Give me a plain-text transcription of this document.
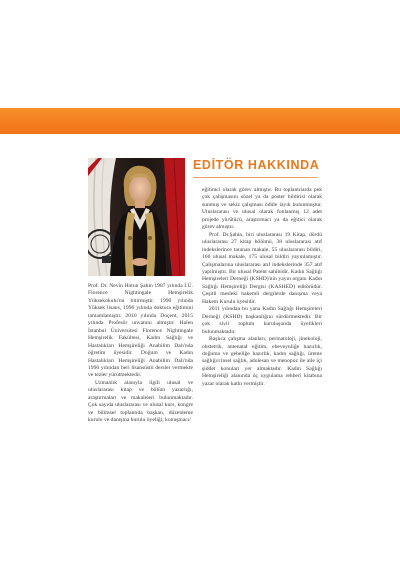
EDİTÖR HAKKINDA

Prof. Dr. Nevin Hotun Şahin 1987 yılında İ.Ü. Florence Nightingale Hemşirelik Yüksekokulu'nu bitirmiştir. 1990 yılında Yüksek lisans, 1996 yılında doktora eğitimini tamamlamıştır. 2010 yılında Doçent, 2015 yılında Profesör unvanını almıştır. Halen İstanbul Üniversitesi Florence Nightingale Hemşirelik Fakültesi, Kadın Sağlığı ve Hastalıkları Hemşireliği Anabilim Dalı'nda öğretim üyesidir. Doğum ve Kadın Hastalıkları Hemşireliği Anabilim Dalı'nda 1996 yılından beri lisansüstü dersler vermekte ve tezler yürütmektedir.

Uzmanlık alanıyla ilgili ulusal ve uluslararası kitap ve bölüm yazarlığı, araştırmaları ve makaleleri bulunmaktadır. Çok sayıda uluslararası ve ulusal kurs, kongre ve bilimsel toplantıda başkan, düzenleme kurulu ve danışma kurulu üyeliği, konuşmacı/

eğitimci olarak görev almıştır. Bu toplantılarda pek çok çalışmasını sözel ya da poster bildirisi olarak sunmuş ve sekiz çalışması ödüle layık bulunmuştur. Uluslararası ve ulusal olarak fonlanmış 12 adet projede yürütücü, araştırmacı ya da eğitici olarak görev almıştır.

Prof. Dr.Şahin, biri uluslararası 19 Kitap, dördü uluslararası 27 kitap bölümü, 38 uluslararası atıf indekslerince taranan makale, 55 uluslararası bildiri, 160 ulusal makale, 175 ulusal bildiri yayınlamıştır. Çalışmalarına uluslararası atıf indekslerinde 357 atıf yapılmıştır. Bir ulusal Patent sahibidir. Kadın Sağlığı Hemşireleri Derneği (KSHD)'nin yayın organı Kadın Sağlığı Hemşireliği Dergisi (KASHED) editörüdür. Çeşitli mesleki hakemli dergilerde danışma veya Hakem Kurulu üyesidir.

2011 yılından bu yana Kadın Sağlığı Hemşireleri Derneği (KSHD) başkanlığını sürdürmektedir. Bir çok sivil toplum kuruluşunda üyelikleri bulunmaktadır.

Başlıca çalışma alanları, perinatoloji, jinekoloji, obstetrik, antenatal eğitim, ebeveynliğe hazırlık, doğuma ve gebeliğe hazırlık, kadın sağlığı, üreme sağlığı/cinsel sağlık, adolesan ve menopoz ile aile içi şiddet konuları yer almaktadır. Kadın Sağlığı Hemşireliği alanında üç uygulama rehberi kitabına yazar olarak katkı vermiştir.
